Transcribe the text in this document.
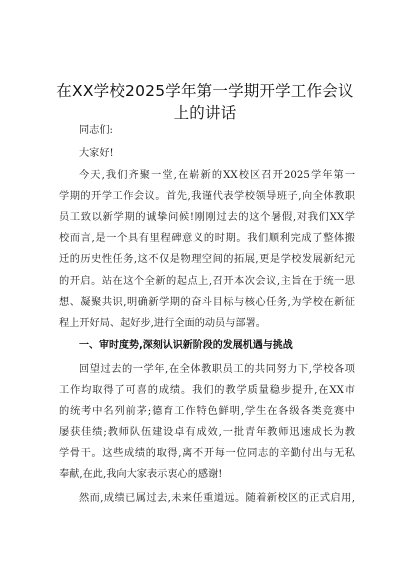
在XX学校2025学年第一学期开学工作会议
上的讲话
同志们:
大家好!
今天,我们齐聚一堂,在崭新的XX校区召开2025学年第一
学期的开学工作会议。首先,我谨代表学校领导班子,向全体教职
员工致以新学期的诚挚问候!刚刚过去的这个暑假,对我们XX学
校而言,是一个具有里程碑意义的时期。我们顺利完成了整体搬
迁的历史性任务,这不仅是物理空间的拓展,更是学校发展新纪元
的开启。站在这个全新的起点上,召开本次会议,主旨在于统一思
想、凝聚共识,明确新学期的奋斗目标与核心任务,为学校在新征
程上开好局、起好步,进行全面的动员与部署。
一、审时度势,深刻认识新阶段的发展机遇与挑战
回望过去的一学年,在全体教职员工的共同努力下,学校各项
工作均取得了可喜的成绩。我们的教学质量稳步提升,在XX市
的统考中名列前茅;德育工作特色鲜明,学生在各级各类竞赛中
屡获佳绩;教师队伍建设卓有成效,一批青年教师迅速成长为教
学骨干。这些成绩的取得,离不开每一位同志的辛勤付出与无私
奉献,在此,我向大家表示衷心的感谢!
然而,成绩已属过去,未来任重道远。随着新校区的正式启用,
